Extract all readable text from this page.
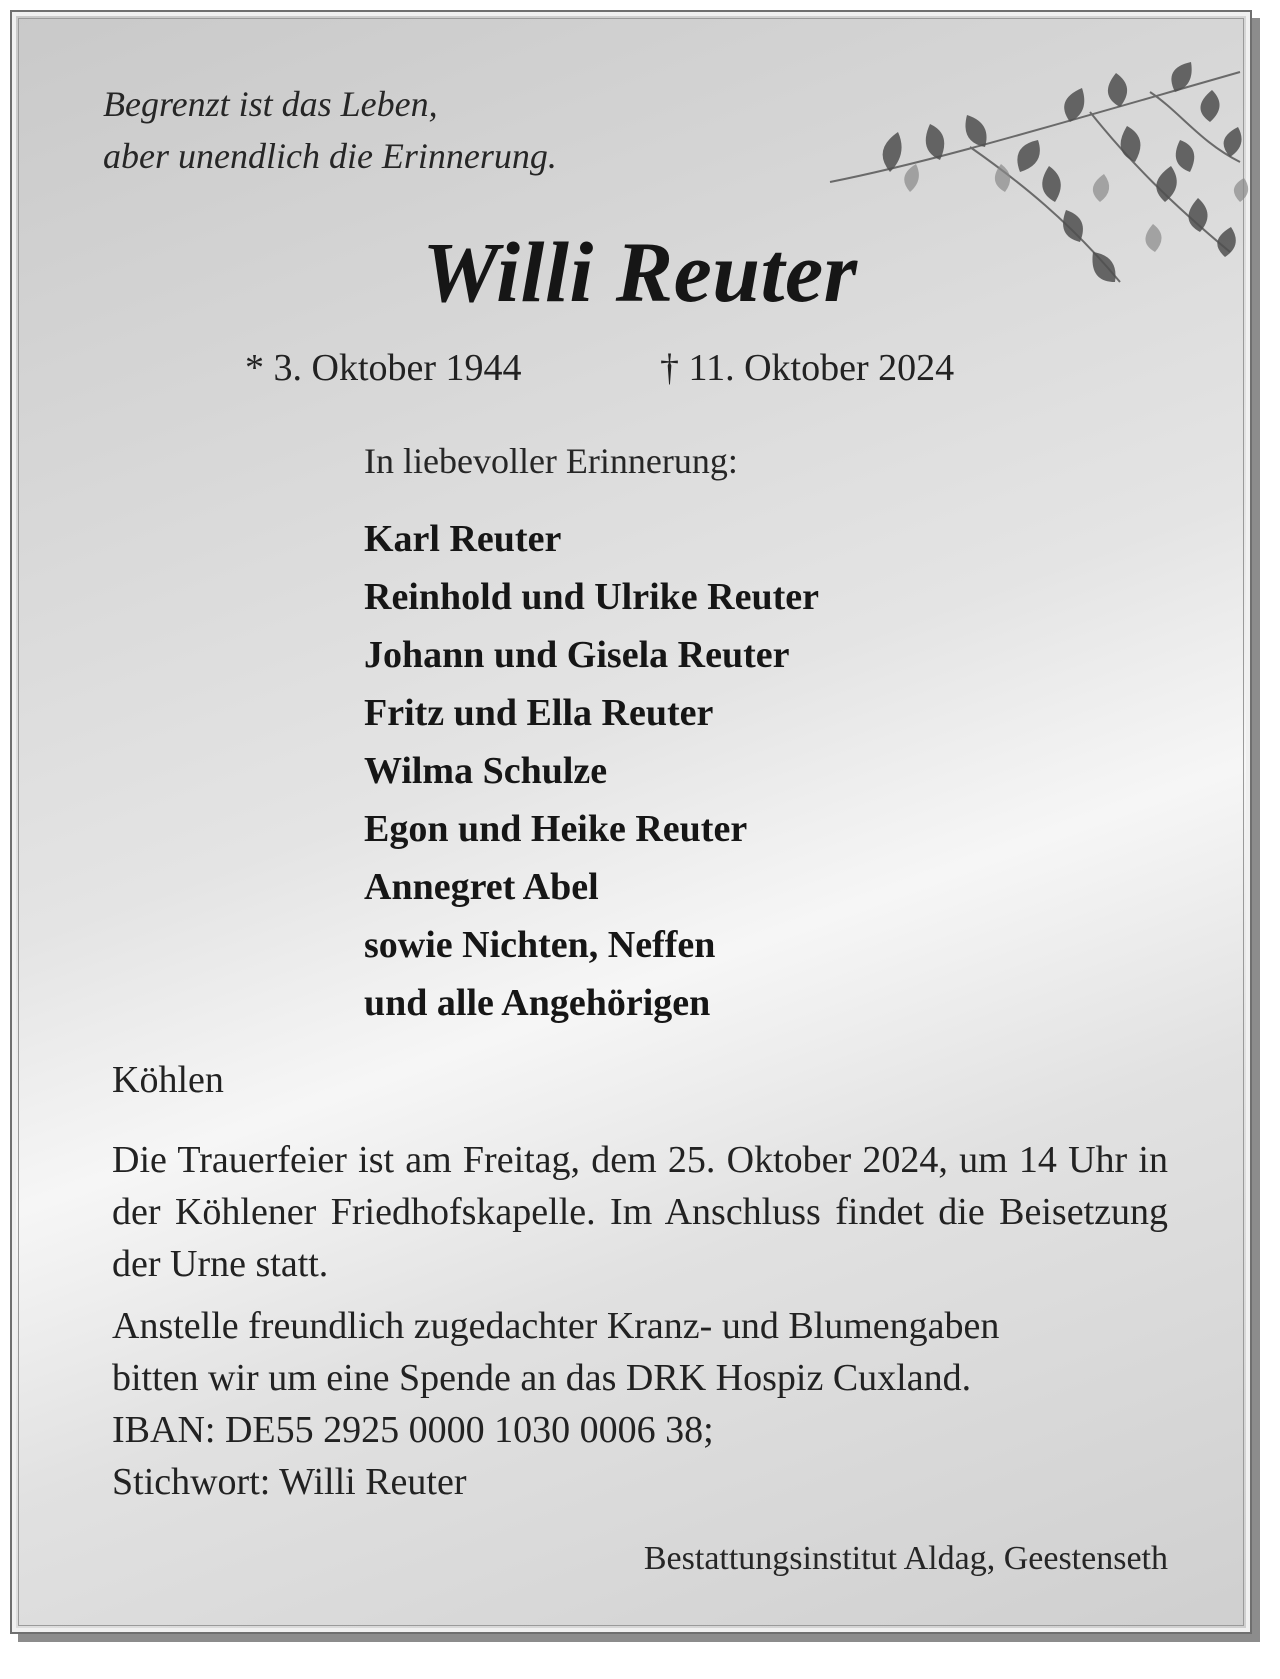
Begrenzt ist das Leben,
aber unendlich die Erinnerung.
Willi Reuter
* 3. Oktober 1944	† 11. Oktober 2024
In liebevoller Erinnerung:
Karl Reuter
Reinhold und Ulrike Reuter
Johann und Gisela Reuter
Fritz und Ella Reuter
Wilma Schulze
Egon und Heike Reuter
Annegret Abel
sowie Nichten, Neffen
und alle Angehörigen
Köhlen

Die Trauerfeier ist am Freitag, dem 25. Oktober 2024, um 14 Uhr in der Köhlener Friedhofskapelle. Im Anschluss findet die Beisetzung der Urne statt.

Anstelle freundlich zugedachter Kranz- und Blumengaben
bitten wir um eine Spende an das DRK Hospiz Cuxland.
IBAN: DE55 2925 0000 1030 0006 38;
Stichwort: Willi Reuter

Bestattungsinstitut Aldag, Geestenseth
